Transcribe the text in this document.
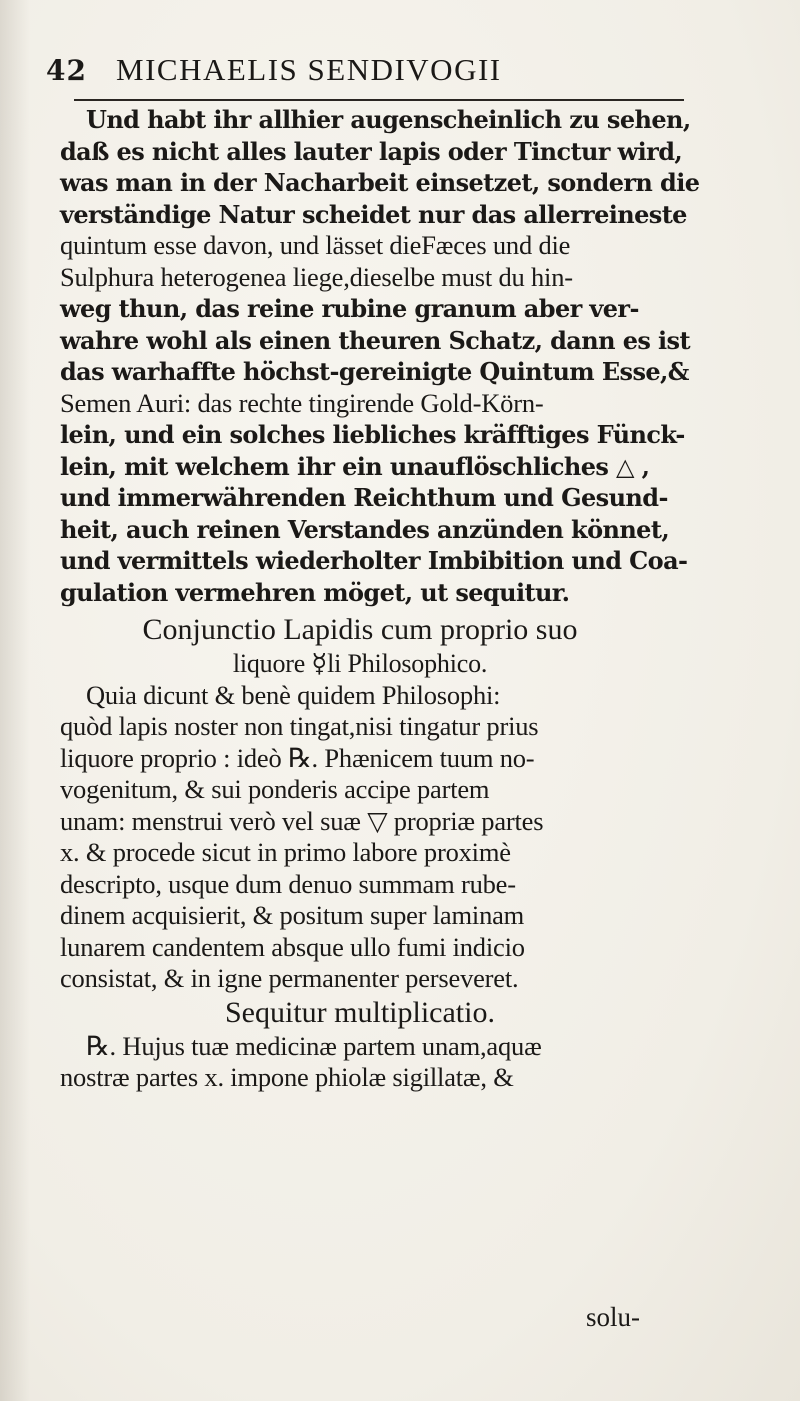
42 MICHAELIS SENDIVOGII
Und habt ihr allhier augenscheinlich zu sehen,
daß es nicht alles lauter lapis oder Tinctur wird,
was man in der Nacharbeit einsetzet, sondern die
verständige Natur scheidet nur das allerreineste
quintum esse davon, und lässet dieFæces und die
Sulphura heterogenea liege,dieselbe must du hin-
weg thun, das reine rubine granum aber ver-
wahre wohl als einen theuren Schatz, dann es ist
das warhaffte höchst-gereinigte Quintum Esse,&
Semen Auri: das rechte tingirende Gold-Körn-
lein, und ein solches liebliches kräfftiges Fünck-
lein, mit welchem ihr ein unauflöschliches △ ,
und immerwährenden Reichthum und Gesund-
heit, auch reinen Verstandes anzünden könnet,
und vermittels wiederholter Imbibition und Coa-
gulation vermehren möget, ut sequitur.
Conjunctio Lapidis cum proprio suo
liquore ☿li Philosophico.
Quia dicunt & benè quidem Philosophi:
quòd lapis noster non tingat,nisi tingatur prius
liquore proprio : ideò ℞. Phænicem tuum no-
vogenitum, & sui ponderis accipe partem
unam: menstrui verò vel suæ ▽ propriæ partes
x. & procede sicut in primo labore proximè
descripto, usque dum denuo summam rube-
dinem acquisierit, & positum super laminam
lunarem candentem absque ullo fumi indicio
consistat, & in igne permanenter perseveret.
Sequitur multiplicatio.
℞. Hujus tuæ medicinæ partem unam,aquæ
nostræ partes x. impone phiolæ sigillatæ, &
solu-
